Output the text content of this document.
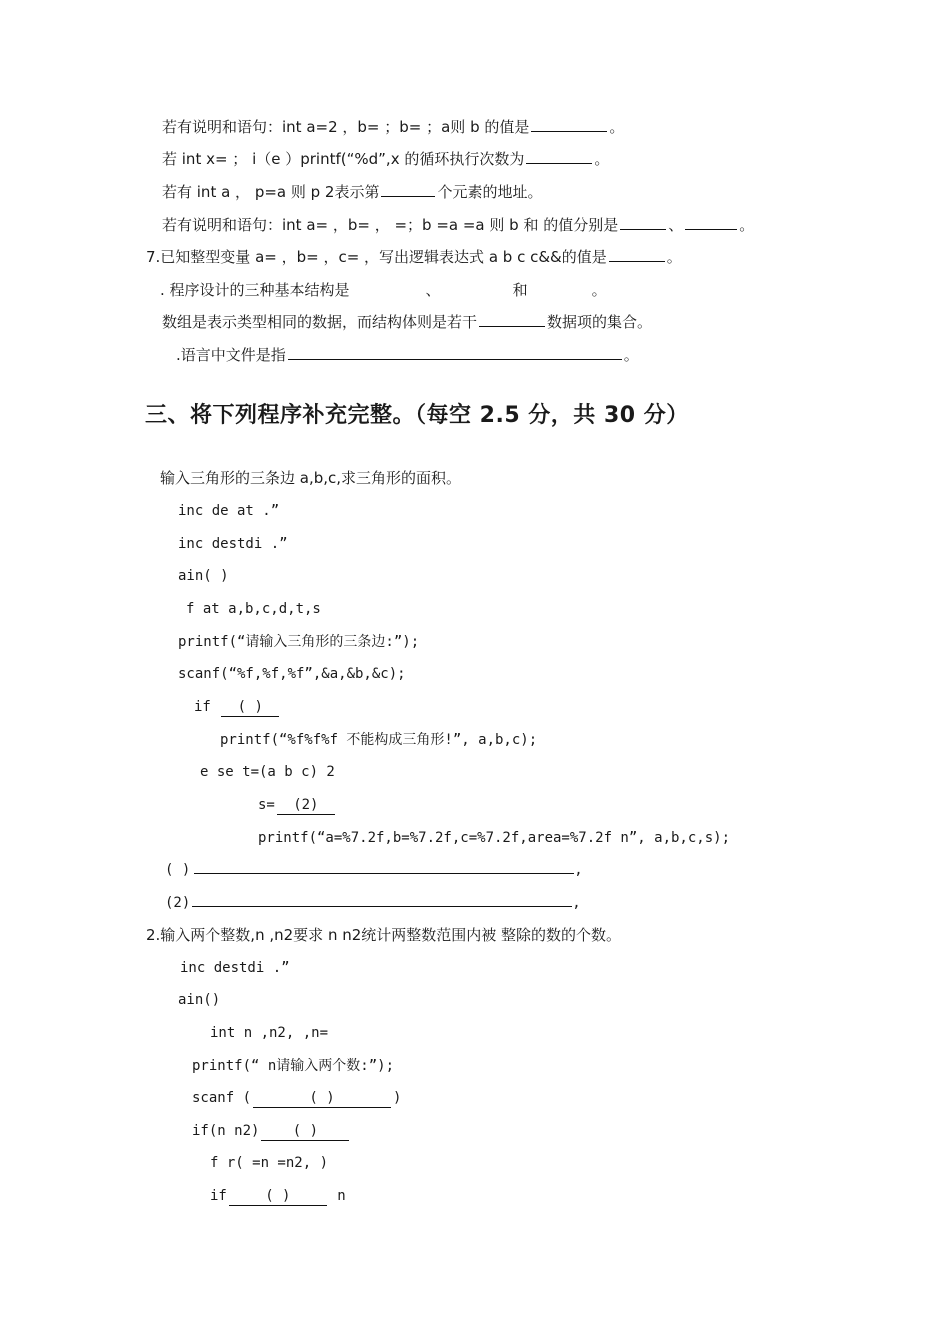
若有说明和语句：int a=2 ，b= ；b= ；a则 b 的值是	。
若 int x= ； i（e ）printf(“%d”,x 的循环执行次数为	。
若有 int a ， p=a 则 p 2表示第	个元素的地址。
若有说明和语句：int a= ，b= ， =；b =a =a 则 b 和 的值分别是	、	。
7.已知整型变量 a= ，b= ，c= ，写出逻辑表达式 a b c c&&的值是	。
. 程序设计的三种基本结构是	、	和	。
数组是表示类型相同的数据，而结构体则是若干	数据项的集合。
.语言中文件是指	。
三、将下列程序补充完整。（每空 2.5 分，共 30 分）
输入三角形的三条边 a,b,c,求三角形的面积。
inc de at .”
inc destdi .”
ain( )
f at a,b,c,d,t,s
printf(“请输入三角形的三条边:”);
scanf(“%f,%f,%f”,&a,&b,&c);
if ( )
printf(“%f%f%f 不能构成三角形!”, a,b,c);
e se t=(a b c) 2
s= (2)
printf(“a=%7.2f,b=%7.2f,c=%7.2f,area=%7.2f n”, a,b,c,s);
( )	,
(2)	,
2.输入两个整数,n ,n2要求 n n2统计两整数范围内被 整除的数的个数。
inc destdi .”
ain()
int n ,n2, ,n=
printf(“ n请输入两个数:”);
scanf (	( )	)
if(n n2) ( )
f r( =n =n2, )
if	( )	n
